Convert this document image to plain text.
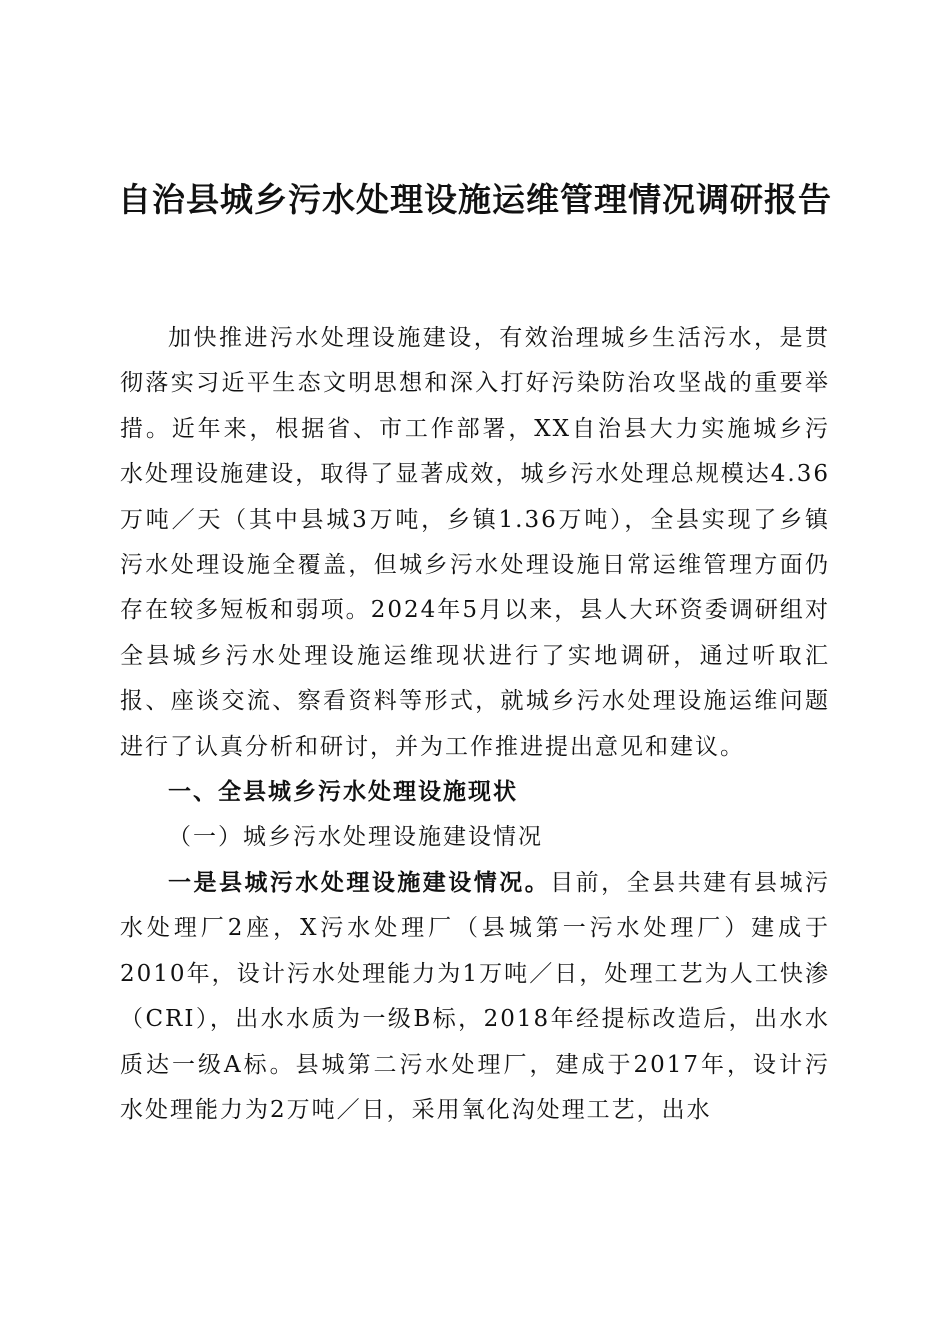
自治县城乡污水处理设施运维管理情况调研报告

加快推进污水处理设施建设，有效治理城乡生活污水，是贯彻落实习近平生态文明思想和深入打好污染防治攻坚战的重要举措。近年来，根据省、市工作部署，XX自治县大力实施城乡污水处理设施建设，取得了显著成效，城乡污水处理总规模达4.36万吨／天（其中县城3万吨，乡镇1.36万吨），全县实现了乡镇污水处理设施全覆盖，但城乡污水处理设施日常运维管理方面仍存在较多短板和弱项。2024年5月以来，县人大环资委调研组对全县城乡污水处理设施运维现状进行了实地调研，通过听取汇报、座谈交流、察看资料等形式，就城乡污水处理设施运维问题进行了认真分析和研讨，并为工作推进提出意见和建议。

一、全县城乡污水处理设施现状

（一）城乡污水处理设施建设情况

一是县城污水处理设施建设情况。目前，全县共建有县城污水处理厂2座，X污水处理厂（县城第一污水处理厂）建成于2010年，设计污水处理能力为1万吨／日，处理工艺为人工快渗（CRI），出水水质为一级B标，2018年经提标改造后，出水水质达一级A标。县城第二污水处理厂，建成于2017年，设计污水处理能力为2万吨／日，采用氧化沟处理工艺，出水
